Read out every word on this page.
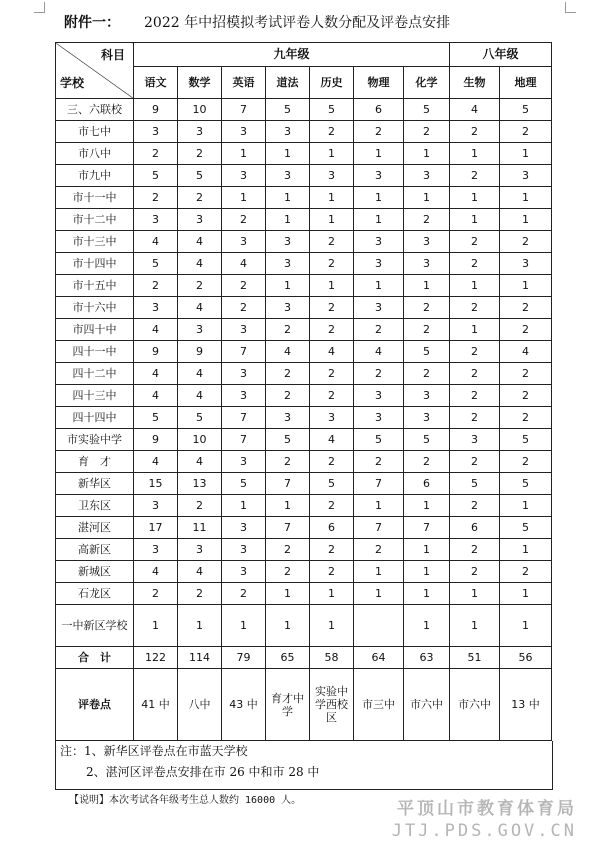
附件一： 2022 年中招模拟考试评卷人数分配及评卷点安排
科目
学校	九年级							八年级	
	语文	数学	英语	道法	历史	物理	化学	生物	地理
三、六联校	9	10	7	5	5	6	5	4	5
市七中	3	3	3	3	2	2	2	2	2
市八中	2	2	1	1	1	1	1	1	1
市九中	5	5	3	3	3	3	3	2	3
市十一中	2	2	1	1	1	1	1	1	1
市十二中	3	3	2	1	1	1	2	1	1
市十三中	4	4	3	3	2	3	3	2	2
市十四中	5	4	4	3	2	3	3	2	3
市十五中	2	2	2	1	1	1	1	1	1
市十六中	3	4	2	3	2	3	2	2	2
市四十中	4	3	3	2	2	2	2	1	2
四十一中	9	9	7	4	4	4	5	2	4
四十二中	4	4	3	2	2	2	2	2	2
四十三中	4	4	3	2	2	3	3	2	2
四十四中	5	5	7	3	3	3	3	2	2
市实验中学	9	10	7	5	4	5	5	3	5
育　才	4	4	3	2	2	2	2	2	2
新华区	15	13	5	7	5	7	6	5	5
卫东区	3	2	1	1	2	1	1	2	1
湛河区	17	11	3	7	6	7	7	6	5
高新区	3	3	3	2	2	2	1	2	1
新城区	4	4	3	2	2	1	1	2	2
石龙区	2	2	2	1	1	1	1	1	1
一中新区学校	1	1	1	1	1		1	1	1
合　计	122	114	79	65	58	64	63	51	56
评卷点	41 中	八中	43 中	育才中学	实验中学西校区	市三中	市六中	市六中	13 中
注：1、新华区评卷点在市蓝天学校
2、湛河区评卷点安排在市 26 中和市 28 中
【说明】本次考试各年级考生总人数约 16000 人。	平顶山市教育体育局
JTJ.PDS.GOV.CN
